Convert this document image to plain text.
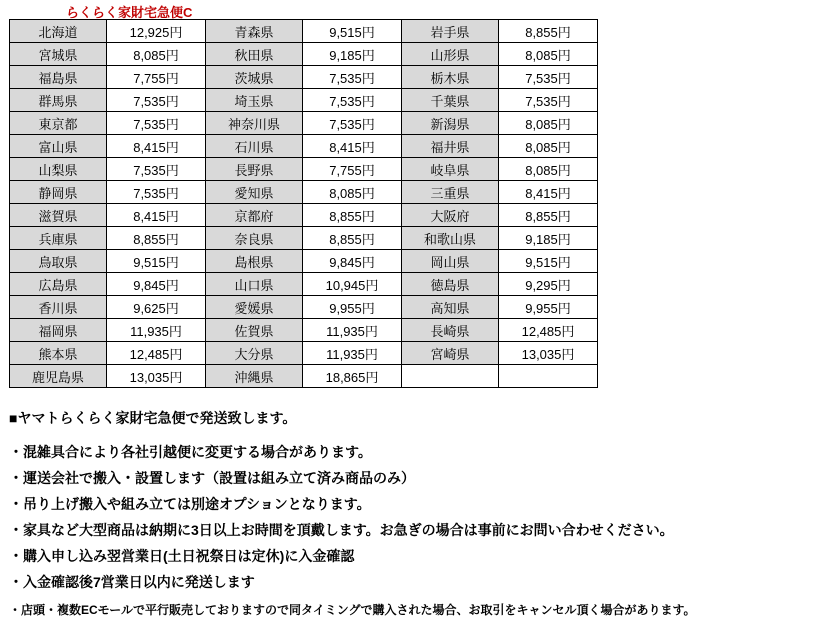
らくらく家財宅急便C
北海道	12,925円	青森県	9,515円	岩手県	8,855円
宮城県	8,085円	秋田県	9,185円	山形県	8,085円
福島県	7,755円	茨城県	7,535円	栃木県	7,535円
群馬県	7,535円	埼玉県	7,535円	千葉県	7,535円
東京都	7,535円	神奈川県	7,535円	新潟県	8,085円
富山県	8,415円	石川県	8,415円	福井県	8,085円
山梨県	7,535円	長野県	7,755円	岐阜県	8,085円
静岡県	7,535円	愛知県	8,085円	三重県	8,415円
滋賀県	8,415円	京都府	8,855円	大阪府	8,855円
兵庫県	8,855円	奈良県	8,855円	和歌山県	9,185円
鳥取県	9,515円	島根県	9,845円	岡山県	9,515円
広島県	9,845円	山口県	10,945円	徳島県	9,295円
香川県	9,625円	愛媛県	9,955円	高知県	9,955円
福岡県	11,935円	佐賀県	11,935円	長崎県	12,485円
熊本県	12,485円	大分県	11,935円	宮崎県	13,035円
鹿児島県	13,035円	沖縄県	18,865円		

■ヤマトらくらく家財宅急便で発送致します。

・混雑具合により各社引越便に変更する場合があります。

・運送会社で搬入・設置します（設置は組み立て済み商品のみ）

・吊り上げ搬入や組み立ては別途オプションとなります。

・家具など大型商品は納期に3日以上お時間を頂戴します。お急ぎの場合は事前にお問い合わせください。

・購入申し込み翌営業日(土日祝祭日は定休)に入金確認

・入金確認後7営業日以内に発送します

・店頭・複数ECモールで平行販売しておりますので同タイミングで購入された場合、お取引をキャンセル頂く場合があります。
